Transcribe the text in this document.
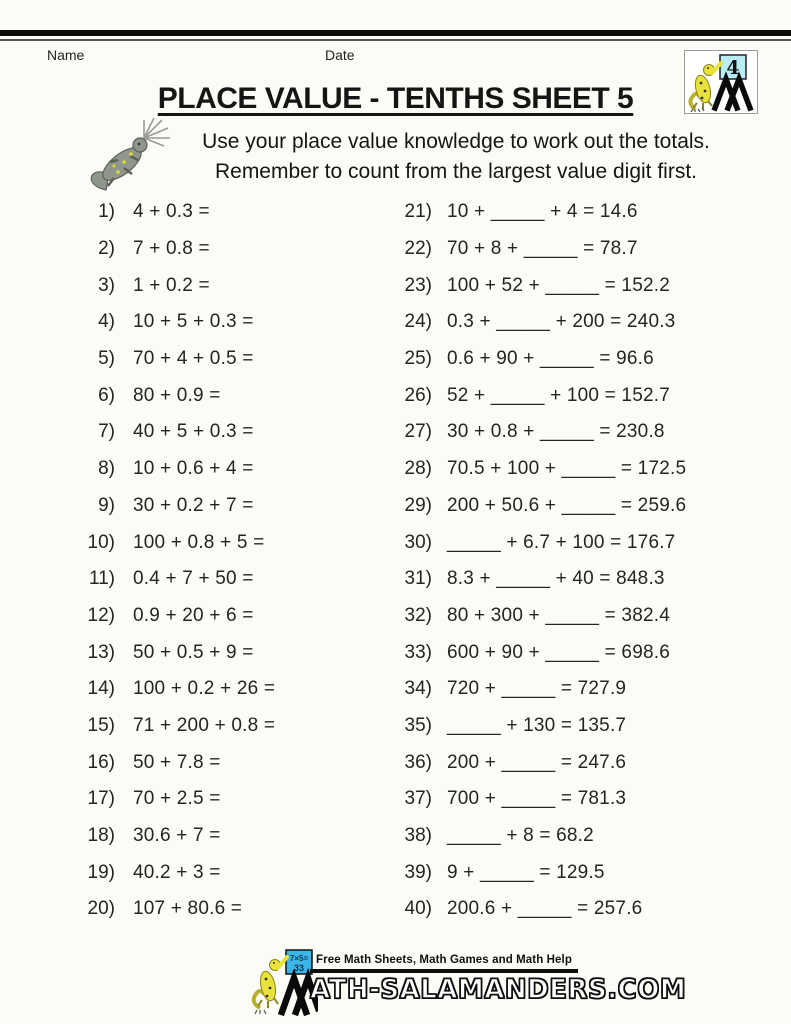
Name	Date
4
PLACE VALUE - TENTHS SHEET 5
Use your place value knowledge to work out the totals.
Remember to count from the largest value digit first.
1) 4 + 0.3 =
2) 7 + 0.8 =
3) 1 + 0.2 =
4) 10 + 5 + 0.3 =
5) 70 + 4 + 0.5 =
6) 80 + 0.9 =
7) 40 + 5 + 0.3 =
8) 10 + 0.6 + 4 =
9) 30 + 0.2 + 7 =
10) 100 + 0.8 + 5 =
11) 0.4 + 7 + 50 =
12) 0.9 + 20 + 6 =
13) 50 + 0.5 + 9 =
14) 100 + 0.2 + 26 =
15) 71 + 200 + 0.8 =
16) 50 + 7.8 =
17) 70 + 2.5 =
18) 30.6 + 7 =
19) 40.2 + 3 =
20) 107 + 80.6 =
21) 10 + _____ + 4 = 14.6
22) 70 + 8 + _____ = 78.7
23) 100 + 52 + _____ = 152.2
24) 0.3 + _____ + 200 = 240.3
25) 0.6 + 90 + _____ = 96.6
26) 52 + _____ + 100 = 152.7
27) 30 + 0.8 + _____ = 230.8
28) 70.5 + 100 + _____ = 172.5
29) 200 + 50.6 + _____ = 259.6
30) _____ + 6.7 + 100 = 176.7
31) 8.3 + _____ + 40 = 848.3
32) 80 + 300 + _____ = 382.4
33) 600 + 90 + _____ = 698.6
34) 720 + _____ = 727.9
35) _____ + 130 = 135.7
36) 200 + _____ = 247.6
37) 700 + _____ = 781.3
38) _____ + 8 = 68.2
39) 9 + _____ = 129.5
40) 200.6 + _____ = 257.6
7×5=
33
Free Math Sheets, Math Games and Math Help
ATH-SALAMANDERS.COM
